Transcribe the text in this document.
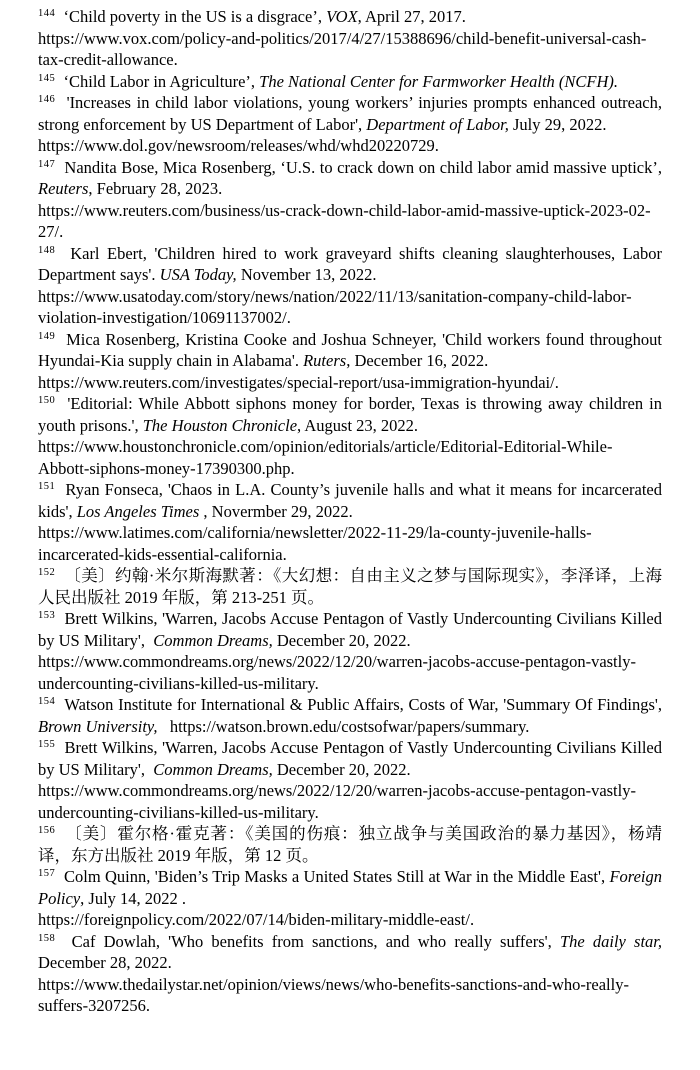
$^{144}$ ‘Child poverty in the US is a disgrace’, VOX, April 27, 2017.

https://www.vox.com/policy-and-politics/2017/4/27/15388696/child-benefit-universal-cash-tax-credit-allowance.

$^{145}$ ‘Child Labor in Agriculture’, The National Center for Farmworker Health (NCFH).

$^{146}$ 'Increases in child labor violations, young workers’ injuries prompts enhanced outreach, strong enforcement by US Department of Labor', Department of Labor, July 29, 2022.

https://www.dol.gov/newsroom/releases/whd/whd20220729.

$^{147}$ Nandita Bose, Mica Rosenberg, ‘U.S. to crack down on child labor amid massive uptick’, Reuters, February 28, 2023.

https://www.reuters.com/business/us-crack-down-child-labor-amid-massive-uptick-2023-02-27/.

$^{148}$ Karl Ebert, 'Children hired to work graveyard shifts cleaning slaughterhouses, Labor Department says'. USA Today, November 13, 2022.

https://www.usatoday.com/story/news/nation/2022/11/13/sanitation-company-child-labor-violation-investigation/10691137002/.

$^{149}$ Mica Rosenberg, Kristina Cooke and Joshua Schneyer, 'Child workers found throughout Hyundai-Kia supply chain in Alabama'. Ruters, December 16, 2022.

https://www.reuters.com/investigates/special-report/usa-immigration-hyundai/.

$^{150}$ 'Editorial: While Abbott siphons money for border, Texas is throwing away children in youth prisons.', The Houston Chronicle, August 23, 2022.

https://www.houstonchronicle.com/opinion/editorials/article/Editorial-Editorial-While-Abbott-siphons-money-17390300.php.

$^{151}$ Ryan Fonseca, 'Chaos in L.A. County’s juvenile halls and what it means for incarcerated kids', Los Angeles Times , Novermber 29, 2022.

https://www.latimes.com/california/newsletter/2022-11-29/la-county-juvenile-halls-incarcerated-kids-essential-california.

$^{152}$ 〔美〕约翰·米尔斯海默著：《大幻想：自由主义之梦与国际现实》，李泽译，上海人民出版社 2019 年版，第 213-251 页。

$^{153}$ Brett Wilkins, 'Warren, Jacobs Accuse Pentagon of Vastly Undercounting Civilians Killed by US Military',  Common Dreams, December 20, 2022.

https://www.commondreams.org/news/2022/12/20/warren-jacobs-accuse-pentagon-vastly-undercounting-civilians-killed-us-military.

$^{154}$ Watson Institute for International & Public Affairs, Costs of War, 'Summary Of Findings', Brown University,   https://watson.brown.edu/costsofwar/papers/summary.

$^{155}$ Brett Wilkins, 'Warren, Jacobs Accuse Pentagon of Vastly Undercounting Civilians Killed by US Military',  Common Dreams, December 20, 2022.

https://www.commondreams.org/news/2022/12/20/warren-jacobs-accuse-pentagon-vastly-undercounting-civilians-killed-us-military.

$^{156}$ 〔美〕霍尔格·霍克著：《美国的伤痕：独立战争与美国政治的暴力基因》，杨靖译，东方出版社 2019 年版，第 12 页。

$^{157}$ Colm Quinn, 'Biden’s Trip Masks a United States Still at War in the Middle East', Foreign Policy, July 14, 2022 .

https://foreignpolicy.com/2022/07/14/biden-military-middle-east/.

$^{158}$ Caf Dowlah, 'Who benefits from sanctions, and who really suffers', The daily star, December 28, 2022.

https://www.thedailystar.net/opinion/views/news/who-benefits-sanctions-and-who-really-suffers-3207256.
